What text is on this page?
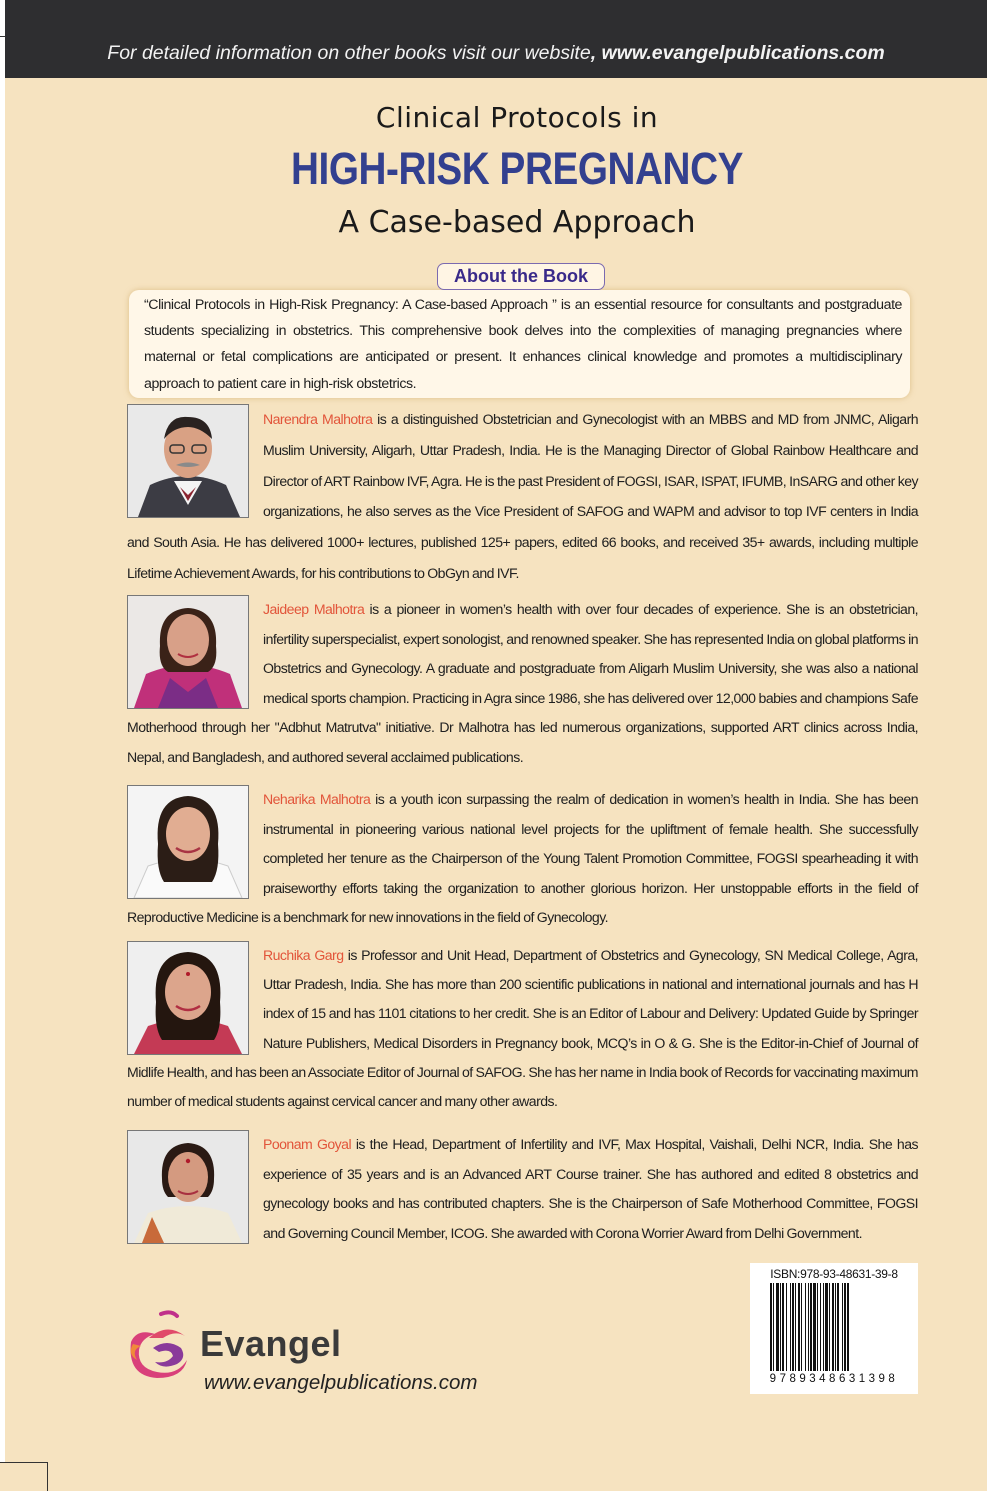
For detailed information on other books visit our website, www.evangelpublications.com
Clinical Protocols in
HIGH-RISK PREGNANCY
A Case-based Approach
About the Book
“Clinical Protocols in High-Risk Pregnancy: A Case-based Approach ” is an essential resource for consultants and postgraduate students specializing in obstetrics. This comprehensive book delves into the complexities of managing pregnancies where maternal or fetal complications are anticipated or present. It enhances clinical knowledge and promotes a multidisciplinary approach to patient care in high-risk obstetrics.

Narendra Malhotra is a distinguished Obstetrician and Gynecologist with an MBBS and MD from JNMC, Aligarh Muslim University, Aligarh, Uttar Pradesh, India. He is the Managing Director of Global Rainbow Healthcare and Director of ART Rainbow IVF, Agra. He is the past President of FOGSI, ISAR, ISPAT, IFUMB, InSARG and other key organizations, he also serves as the Vice President of SAFOG and WAPM and advisor to top IVF centers in India and South Asia. He has delivered 1000+ lectures, published 125+ papers, edited 66 books, and received 35+ awards, including multiple Lifetime Achievement Awards, for his contributions to ObGyn and IVF.

Jaideep Malhotra is a pioneer in women’s health with over four decades of experience. She is an obstetrician, infertility superspecialist, expert sonologist, and renowned speaker. She has represented India on global platforms in Obstetrics and Gynecology. A graduate and postgraduate from Aligarh Muslim University, she was also a national medical sports champion. Practicing in Agra since 1986, she has delivered over 12,000 babies and champions Safe Motherhood through her "Adbhut Matrutva" initiative. Dr Malhotra has led numerous organizations, supported ART clinics across India, Nepal, and Bangladesh, and authored several acclaimed publications.

Neharika Malhotra is a youth icon surpassing the realm of dedication in women’s health in India. She has been instrumental in pioneering various national level projects for the upliftment of female health. She successfully completed her tenure as the Chairperson of the Young Talent Promotion Committee, FOGSI spearheading it with praiseworthy efforts taking the organization to another glorious horizon. Her unstoppable efforts in the field of Reproductive Medicine is a benchmark for new innovations in the field of Gynecology.

Ruchika Garg is Professor and Unit Head, Department of Obstetrics and Gynecology, SN Medical College, Agra, Uttar Pradesh, India. She has more than 200 scientific publications in national and international journals and has H index of 15 and has 1101 citations to her credit. She is an Editor of Labour and Delivery: Updated Guide by Springer Nature Publishers, Medical Disorders in Pregnancy book, MCQ’s in O & G. She is the Editor-in-Chief of Journal of Midlife Health, and has been an Associate Editor of Journal of SAFOG. She has her name in India book of Records for vaccinating maximum number of medical students against cervical cancer and many other awards.

Poonam Goyal is the Head, Department of Infertility and IVF, Max Hospital, Vaishali, Delhi NCR, India. She has experience of 35 years and is an Advanced ART Course trainer. She has authored and edited 8 obstetrics and gynecology books and has contributed chapters. She is the Chairperson of Safe Motherhood Committee, FOGSI and Governing Council Member, ICOG. She awarded with Corona Worrier Award from Delhi Government.

ISBN:978-93-48631-39-8
9789348631398
Evangel
www.evangelpublications.com
